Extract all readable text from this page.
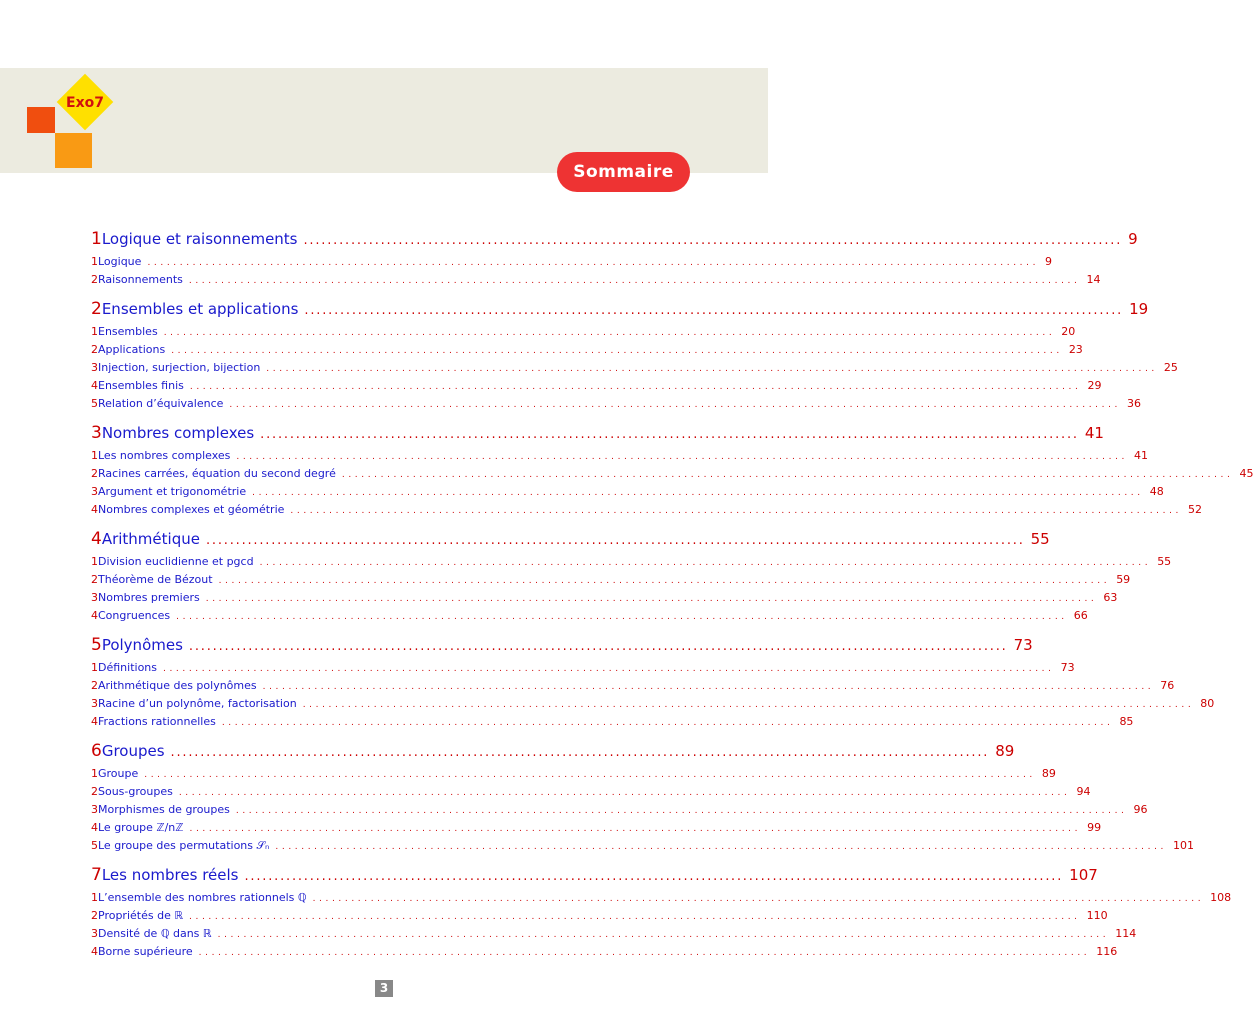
Exo7
Sommaire
1 Logique et raisonnements .......................................................................................................................................... 9
1 Logique .......................................................................................................................................... 9
2 Raisonnements .......................................................................................................................................... 14
2 Ensembles et applications .......................................................................................................................................... 19
1 Ensembles .......................................................................................................................................... 20
2 Applications .......................................................................................................................................... 23
3 Injection, surjection, bijection .......................................................................................................................................... 25
4 Ensembles finis .......................................................................................................................................... 29
5 Relation d’équivalence .......................................................................................................................................... 36
3 Nombres complexes .......................................................................................................................................... 41
1 Les nombres complexes .......................................................................................................................................... 41
2 Racines carrées, équation du second degré .......................................................................................................................................... 45
3 Argument et trigonométrie .......................................................................................................................................... 48
4 Nombres complexes et géométrie .......................................................................................................................................... 52
4 Arithmétique .......................................................................................................................................... 55
1 Division euclidienne et pgcd .......................................................................................................................................... 55
2 Théorème de Bézout .......................................................................................................................................... 59
3 Nombres premiers .......................................................................................................................................... 63
4 Congruences .......................................................................................................................................... 66
5 Polynômes .......................................................................................................................................... 73
1 Définitions .......................................................................................................................................... 73
2 Arithmétique des polynômes .......................................................................................................................................... 76
3 Racine d’un polynôme, factorisation .......................................................................................................................................... 80
4 Fractions rationnelles .......................................................................................................................................... 85
6 Groupes .......................................................................................................................................... 89
1 Groupe .......................................................................................................................................... 89
2 Sous-groupes .......................................................................................................................................... 94
3 Morphismes de groupes .......................................................................................................................................... 96
4 Le groupe ℤ/nℤ .......................................................................................................................................... 99
5 Le groupe des permutations 𝒮ₙ .......................................................................................................................................... 101
7 Les nombres réels .......................................................................................................................................... 107
1 L’ensemble des nombres rationnels ℚ .......................................................................................................................................... 108
2 Propriétés de ℝ .......................................................................................................................................... 110
3 Densité de ℚ dans ℝ .......................................................................................................................................... 114
4 Borne supérieure .......................................................................................................................................... 116
3
